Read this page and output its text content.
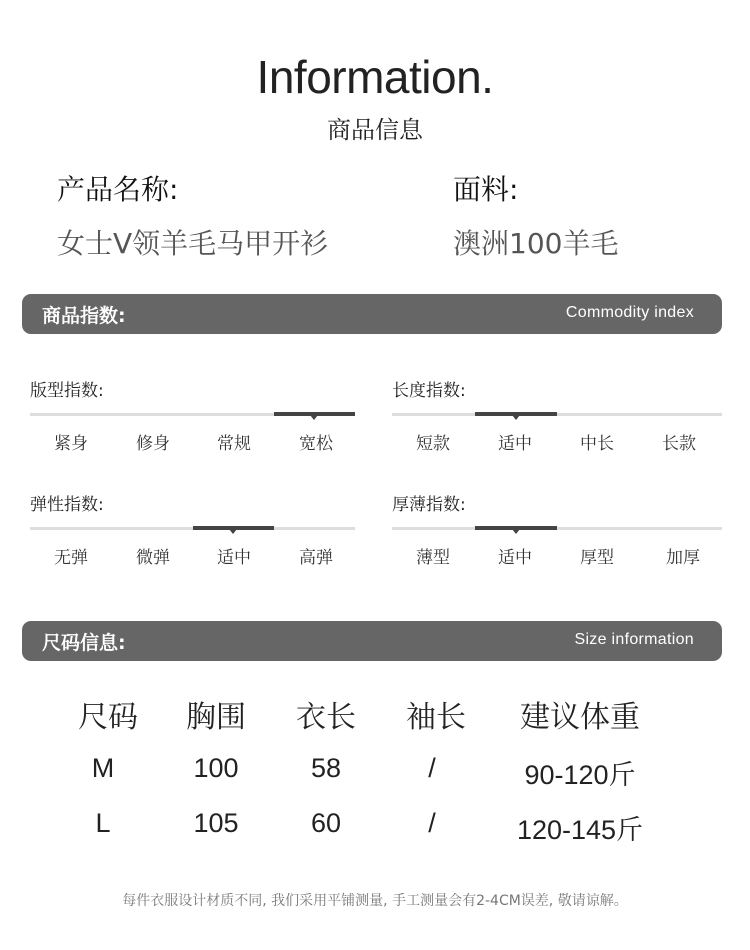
Information.
商品信息
产品名称:
女士V领羊毛马甲开衫
面料:
澳洲100羊毛
商品指数:	Commodity index
版型指数:
紧身	修身	常规	宽松
长度指数:
短款	适中	中长	长款
弹性指数:
无弹	微弹	适中	高弹
厚薄指数:
薄型	适中	厚型	加厚
尺码信息:	Size information
尺码	胸围	衣长	袖长	建议体重
M	100	58	/	90-120斤
L	105	60	/	120-145斤
每件衣服设计材质不同, 我们采用平铺测量, 手工测量会有2-4CM误差, 敬请谅解。
